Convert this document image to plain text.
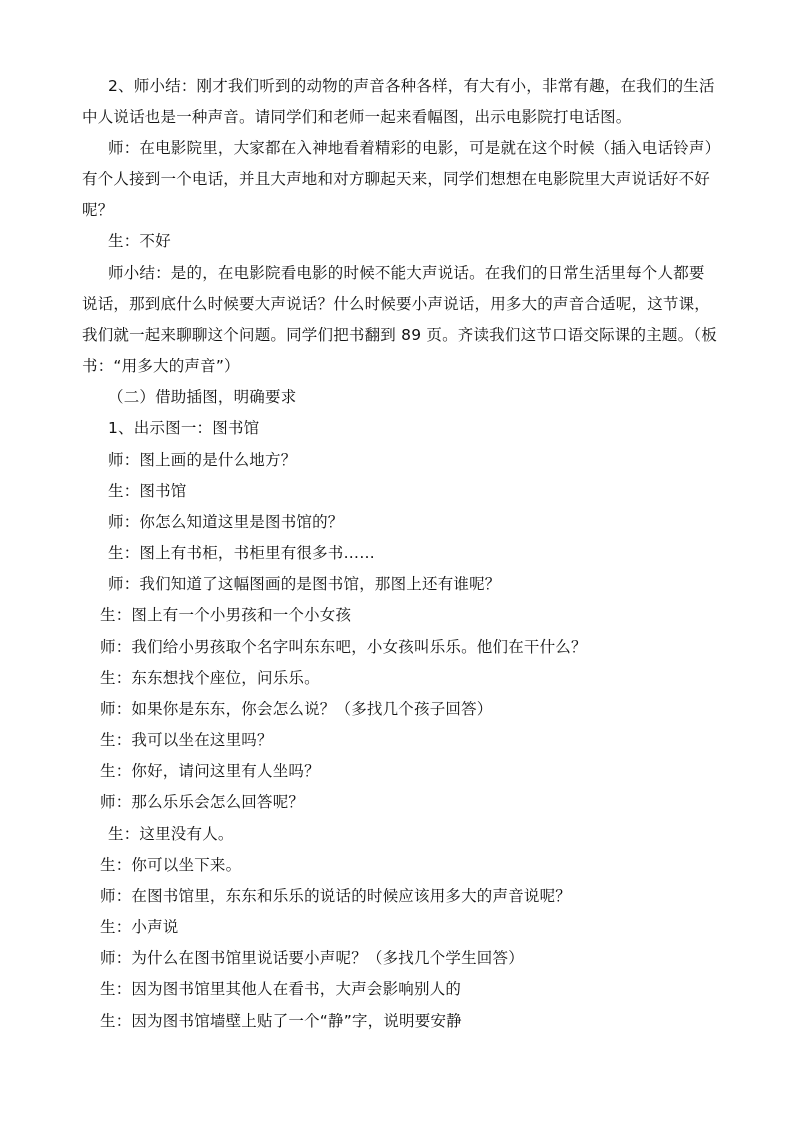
2、师小结：刚才我们听到的动物的声音各种各样，有大有小，非常有趣，在我们的生活
中人说话也是一种声音。请同学们和老师一起来看幅图，出示电影院打电话图。
师：在电影院里，大家都在入神地看着精彩的电影，可是就在这个时候（插入电话铃声）
有个人接到一个电话，并且大声地和对方聊起天来，同学们想想在电影院里大声说话好不好
呢？
生：不好
师小结：是的，在电影院看电影的时候不能大声说话。在我们的日常生活里每个人都要
说话，那到底什么时候要大声说话？什么时候要小声说话，用多大的声音合适呢，这节课，
我们就一起来聊聊这个问题。同学们把书翻到 89 页。齐读我们这节口语交际课的主题。（板
书：“用多大的声音”）
（二）借助插图，明确要求
1、出示图一：图书馆
师：图上画的是什么地方？
生：图书馆
师：你怎么知道这里是图书馆的？
生：图上有书柜，书柜里有很多书……
师：我们知道了这幅图画的是图书馆，那图上还有谁呢？
生：图上有一个小男孩和一个小女孩
师：我们给小男孩取个名字叫东东吧，小女孩叫乐乐。他们在干什么？
生：东东想找个座位，问乐乐。
师：如果你是东东，你会怎么说？（多找几个孩子回答）
生：我可以坐在这里吗？
生：你好，请问这里有人坐吗？
师：那么乐乐会怎么回答呢？
生：这里没有人。
生：你可以坐下来。
师：在图书馆里，东东和乐乐的说话的时候应该用多大的声音说呢？
生：小声说
师：为什么在图书馆里说话要小声呢？（多找几个学生回答）
生：因为图书馆里其他人在看书，大声会影响别人的
生：因为图书馆墙壁上贴了一个“静”字，说明要安静
